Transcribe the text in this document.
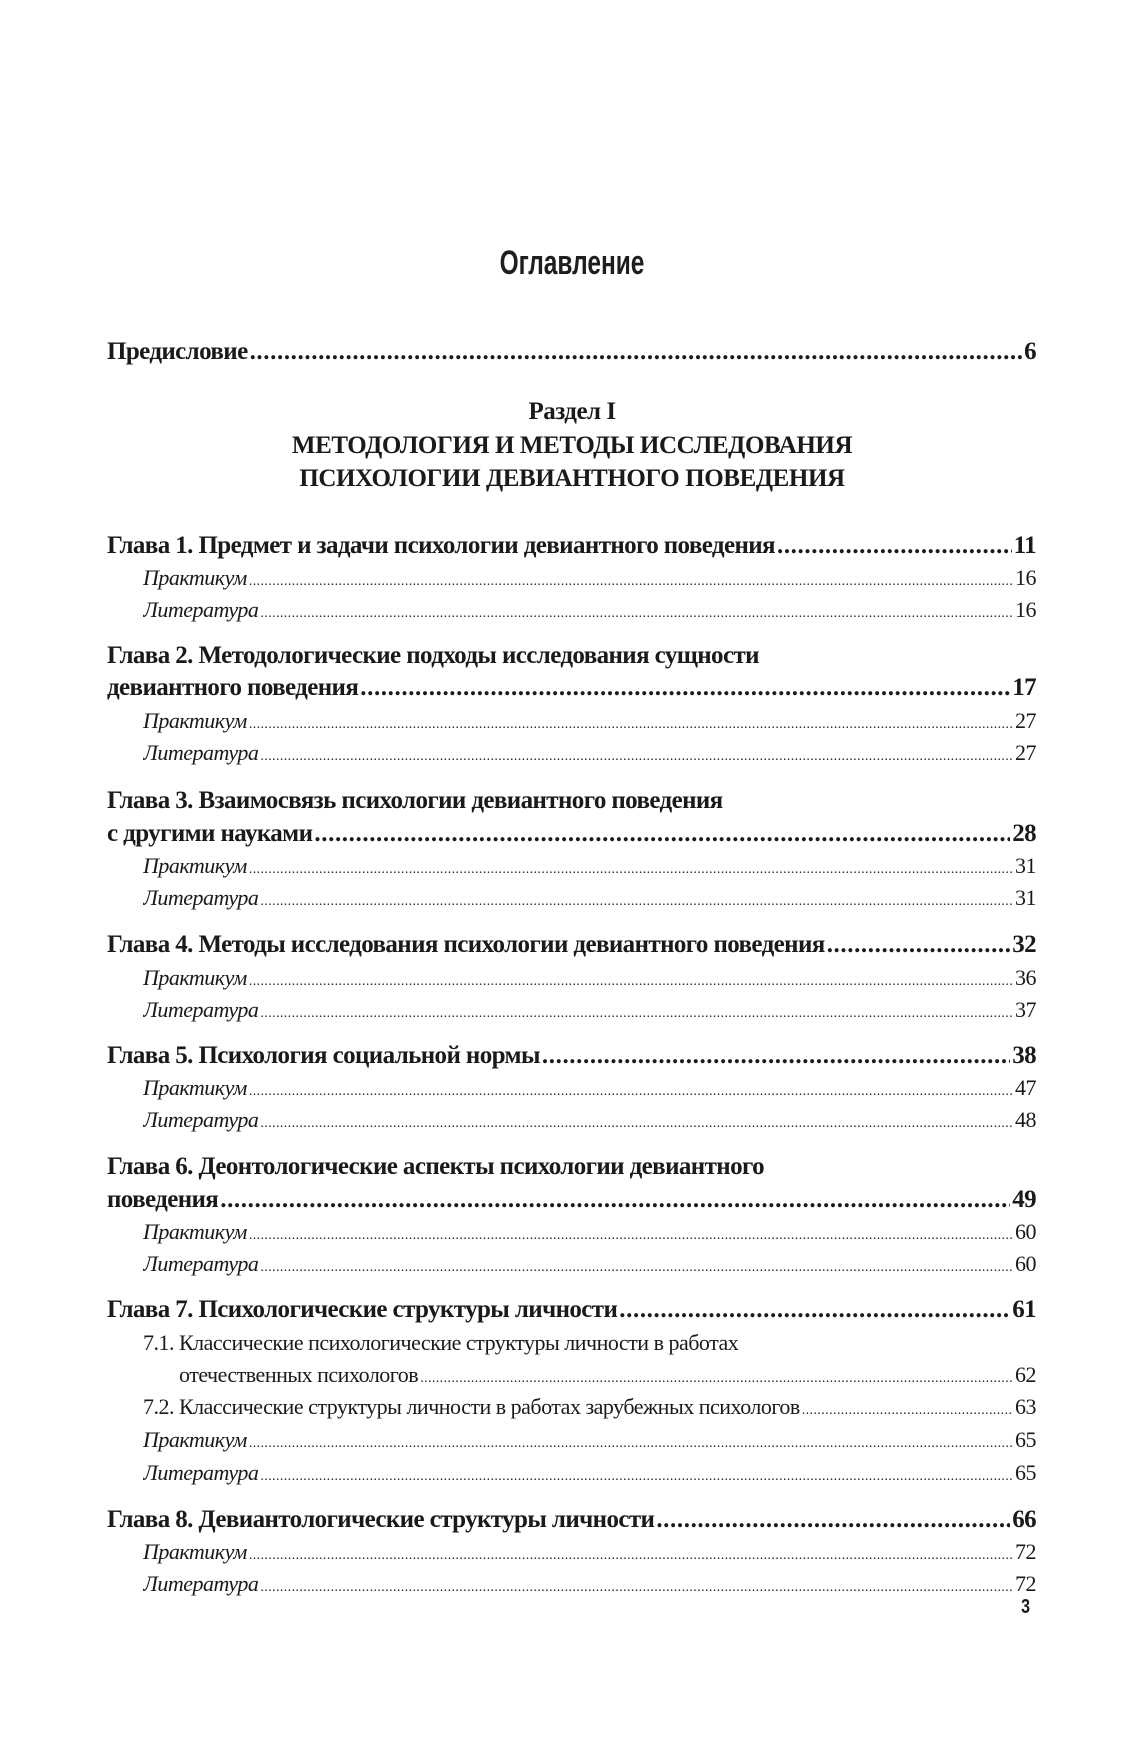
Оглавление
Предисловие .....	6
Раздел I
МЕТОДОЛОГИЯ И МЕТОДЫ ИССЛЕДОВАНИЯ
ПСИХОЛОГИИ ДЕВИАНТНОГО ПОВЕДЕНИЯ
Глава 1. Предмет и задачи психологии девиантного поведения .....	11
Практикум .....	16
Литература .....	16
Глава 2. Методологические подходы исследования сущности
девиантного поведения .....	17
Практикум .....	27
Литература .....	27
Глава 3. Взаимосвязь психологии девиантного поведения
с другими науками .....	28
Практикум .....	31
Литература .....	31
Глава 4. Методы исследования психологии девиантного поведения .....	32
Практикум .....	36
Литература .....	37
Глава 5. Психология социальной нормы .....	38
Практикум .....	47
Литература .....	48
Глава 6. Деонтологические аспекты психологии девиантного
поведения .....	49
Практикум .....	60
Литература .....	60
Глава 7. Психологические структуры личности .....	61
7.1. Классические психологические структуры личности в работах
отечественных психологов .....	62
7.2. Классические структуры личности в работах зарубежных психологов .....	63
Практикум .....	65
Литература .....	65
Глава 8. Девиантологические структуры личности .....	66
Практикум .....	72
Литература .....	72
3
